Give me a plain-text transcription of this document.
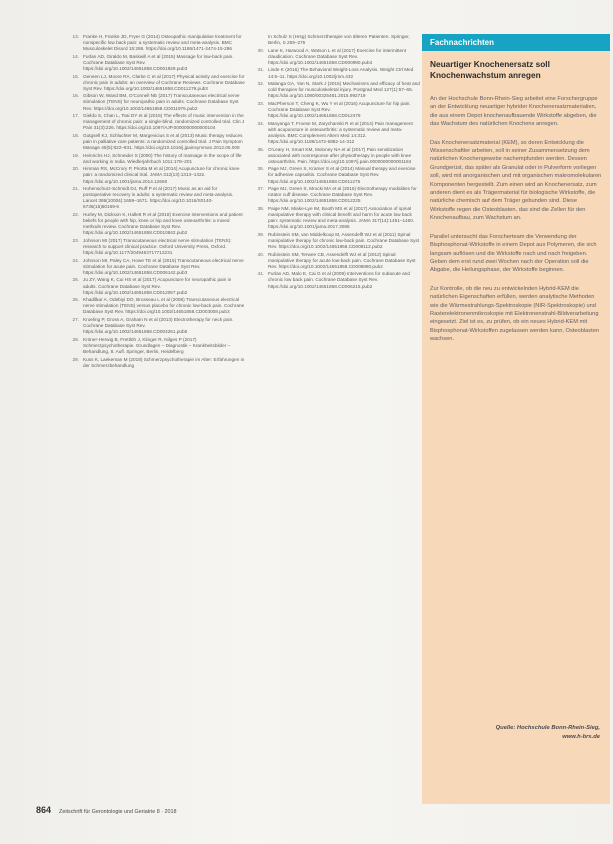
13. Franke H, Franke JD, Fryer G (2014) Osteopathic manipulative treatment for nonspecific low back pain: a systematic review and meta-analysis. BMC Musculoskelet Disord 15:286. https://doi.org/10.1186/1471-2474-15-286
14. Furlan AD, Giraldo M, Baskwill A et al (2015) Massage for low-back pain. Cochrane Database Syst Rev. https://doi.org/10.1002/14651858.CD001929.pub3
15. Geneen LJ, Moore RA, Clarke C et al (2017) Physical activity and exercise for chronic pain in adults: an overview of Cochrane Reviews. Cochrane Database Syst Rev. https://doi.org/10.1002/14651858.CD011279.pub3
16. Gibson W, Wand BM, O'Connell NE (2017) Transcutaneous electrical nerve stimulation (TENS) for neuropathic pain in adults. Cochrane Database Syst Rev. https://doi.org/10.1002/14651858.CD011976.pub2
17. Gieldo S, Chan L, Tsai DY et al (2015) The effects of music intervention in the management of chronic pain: a single-blind, randomized controlled trial. Clin J Pain 31(3):226. https://doi.org/10.1097/AJP.0000000000000104
18. Gutgsell KJ, Schluchter M, Margevicius S et al (2013) Music therapy reduces pain in palliative care patients: a randomized controlled trial. J Pain Symptom Manage 45(5):822–831. https://doi.org/10.1016/j.jpainsymman.2012.05.008
19. Heinrichs HJ, Schneider S (2000) The history of massage in the scope of life and working in India. Wiedlerjahrbuch 1011:178–201
20. Hinman RS, McCrory P, Pirotta M et al (2014) Acupuncture for chronic knee pain: a randomized clinical trial. JAMA 312(13):1313–1322. https://doi.org/10.1001/jama.2014.12660
21. Hohenschurz-Schmidt DJ, Ruff P et al (2017) Music as an aid for postoperative recovery in adults: a systematic review and meta-analysis. Lancet 386(10004):1659–1671. https://doi.org/10.1016/S0140-6736(15)60169-6
22. Hurley M, Dickson K, Hallett R et al (2018) Exercise interventions and patient beliefs for people with hip, knee or hip and knee osteoarthritis: a mixed methods review. Cochrane Database Syst Rev. https://doi.org/10.1002/14651858.CD010842.pub2
23. Johnson MI (2017) Transcutaneous electrical nerve stimulation (TENS): research to support clinical practice. Oxford University Press, Oxford. https://doi.org/10.1177/2049463717712231
24. Johnson MI, Paley CA, Howe TE et al (2015) Transcutaneous electrical nerve stimulation for acute pain. Cochrane Database Syst Rev. https://doi.org/10.1002/14651858.CD006142.pub3
25. Ju ZY, Wang K, Cui HS et al (2017) Acupuncture for neuropathic pain in adults. Cochrane Database Syst Rev. https://doi.org/10.1002/14651858.CD012057.pub2
26. Khadilkar A, Odebiyi DO, Brosseau L et al (2008) Transcutaneous electrical nerve stimulation (TENS) versus placebo for chronic low-back pain. Cochrane Database Syst Rev. https://doi.org/10.1002/14651858.CD003008.pub3
27. Kroeling P, Gross A, Graham N et al (2013) Electrotherapy for neck pain. Cochrane Database Syst Rev. https://doi.org/10.1002/14651858.CD004251.pub5
28. Kröner-Herwig B, Frettlöh J, Klinger R, Nilges P (2017) Schmerzpsychotherapie. Grundlagen – Diagnostik – Krankheitsbilder – Behandlung, 8. Aufl. Springer, Berlin, Heidelberg
29. Kuss K, Laekeman M (2018) Schmerzpsychotherapie im Alter: Erfahrungen in der Schmerzbehandlung
In Schulz S (Hrsg) Schmerztherapie von älteren Patienten. Springer, Berlin, S 259–275
30. Lane K, Harwood A, Watson L et al (2017) Exercise for intermittent claudication. Cochrane Database Syst Rev. https://doi.org/10.1002/14651858.CD000990.pub4
31. Linde K (2016) The Behavioral Weight-Loss Analysis. Weight Ctrl Med 14:5–11. https://doi.org/10.1002/jrsm.432
32. Malanga GA, Yan N, Stark J (2015) Mechanisms and efficacy of heat and cold therapies for musculoskeletal injury. Postgrad Med 127(1):57–65. https://doi.org/10.1080/00325481.2015.992719
33. MacPherson T, Cheng K, Wu Y et al (2016) Acupuncture for hip pain. Cochrane Database Syst Rev. https://doi.org/10.1002/14651858.CD012479
34. Manyanga T, Froese M, Zarychanski R et al (2014) Pain management with acupuncture in osteoarthritis: a systematic review and meta-analysis. BMC Complement Altern Med 14:312. https://doi.org/10.1186/1472-6882-14-312
35. O'Leary H, Smart KM, Moloney NA et al (2017) Pain sensitization associated with nonresponse after physiotherapy in people with knee osteoarthritis. Pain. https://doi.org/10.1097/j.pain.0000000000001184
36. Page MJ, Green S, Kramer S et al (2014) Manual therapy and exercise for adhesive capsulitis. Cochrane Database Syst Rev. https://doi.org/10.1002/14651858.CD011275
37. Page MJ, Green S, Mrocki MA et al (2016) Electrotherapy modalities for rotator cuff disease. Cochrane Database Syst Rev. https://doi.org/10.1002/14651858.CD012225
38. Paige NM, Miake-Lye IM, Booth MS et al (2017) Association of spinal manipulative therapy with clinical benefit and harm for acute low back pain: systematic review and meta-analysis. JAMA 317(14):1451–1460. https://doi.org/10.1001/jama.2017.3086
39. Rubinstein SM, van Middelkoop M, Assendelft WJ et al (2011) Spinal manipulative therapy for chronic low-back pain. Cochrane Database Syst Rev. https://doi.org/10.1002/14651858.CD008112.pub2
40. Rubinstein SM, Terwee CB, Assendelft WJ et al (2012) Spinal manipulative therapy for acute low-back pain. Cochrane Database Syst Rev. https://doi.org/10.1002/14651858.CD008880.pub2
41. Furlan AD, Malo E, Cai G et al (2009) Interventions for subacute and chronic low back pain. Cochrane Database Syst Rev. https://doi.org/10.1002/14651858.CD006215.pub2
Fachnachrichten
Neuartiger Knochenersatz soll Knochenwachstum anregen

An der Hochschule Bonn-Rhein-Sieg arbeitet eine Forschergruppe an der Entwicklung neuartiger hybrider Knochenersatzmaterialien, die aus einem Depot knochenaufbauende Wirkstoffe abgeben, die das Wachstum des natürlichen Knochens anregen.

Das Knochenersatzmaterial (KEM), so deren Entwicklung die Wissenschaftler arbeiten, soll in seiner Zusammensetzung dem natürlichen Knochengewebe nachempfunden werden. Dessen Grundgerüst, das später als Granulat oder in Pulverform vorliegen soll, wird mit anorganischen und mit organischen makromolekularen Komponenten hergestellt. Zum einen wird an Knochenersatz, zum anderen dient es als Trägermaterial für biologische Wirkstoffe, die natürliche chemisch auf dem Träger gebunden sind. Diese Wirkstoffe regen die Osteoblasten, das sind die Zellen für den Knochenaufbau, zum Wachstum an.

Parallel untersucht das Forscherteam die Verwendung der Bisphosphonat-Wirkstoffe in einem Depot aus Polymeren, die sich langsam auflösen und die Wirkstoffe nach und nach freigeben. Geben dem erst rund zwei Wochen nach der Operation soll die Abgabe, die Heilungsphase, der Wirkstoffe beginnen.

Zur Kontrolle, ob die neu zu entwickelnden Hybrid-KEM die natürlichen Eigenschaften erfüllen, werden analytische Methoden wie die Wärmestrahlungs-Spektroskopie (NIR-Spektroskopie) und Rasterelektronenmikroskopie mit Elektronenstrahl-Bildverarbeitung eingesetzt. Ziel ist es, zu prüfen, ob ein neues Hybrid-KEM mit Bisphosphonat-Wirkstoffen zugelassen werden kann, Osteoblasten wachsen.

Quelle: Hochschule Bonn-Rhein-Sieg,
www.h-brs.de
864 Zeitschrift für Gerontologie und Geriatrie 8 · 2018
